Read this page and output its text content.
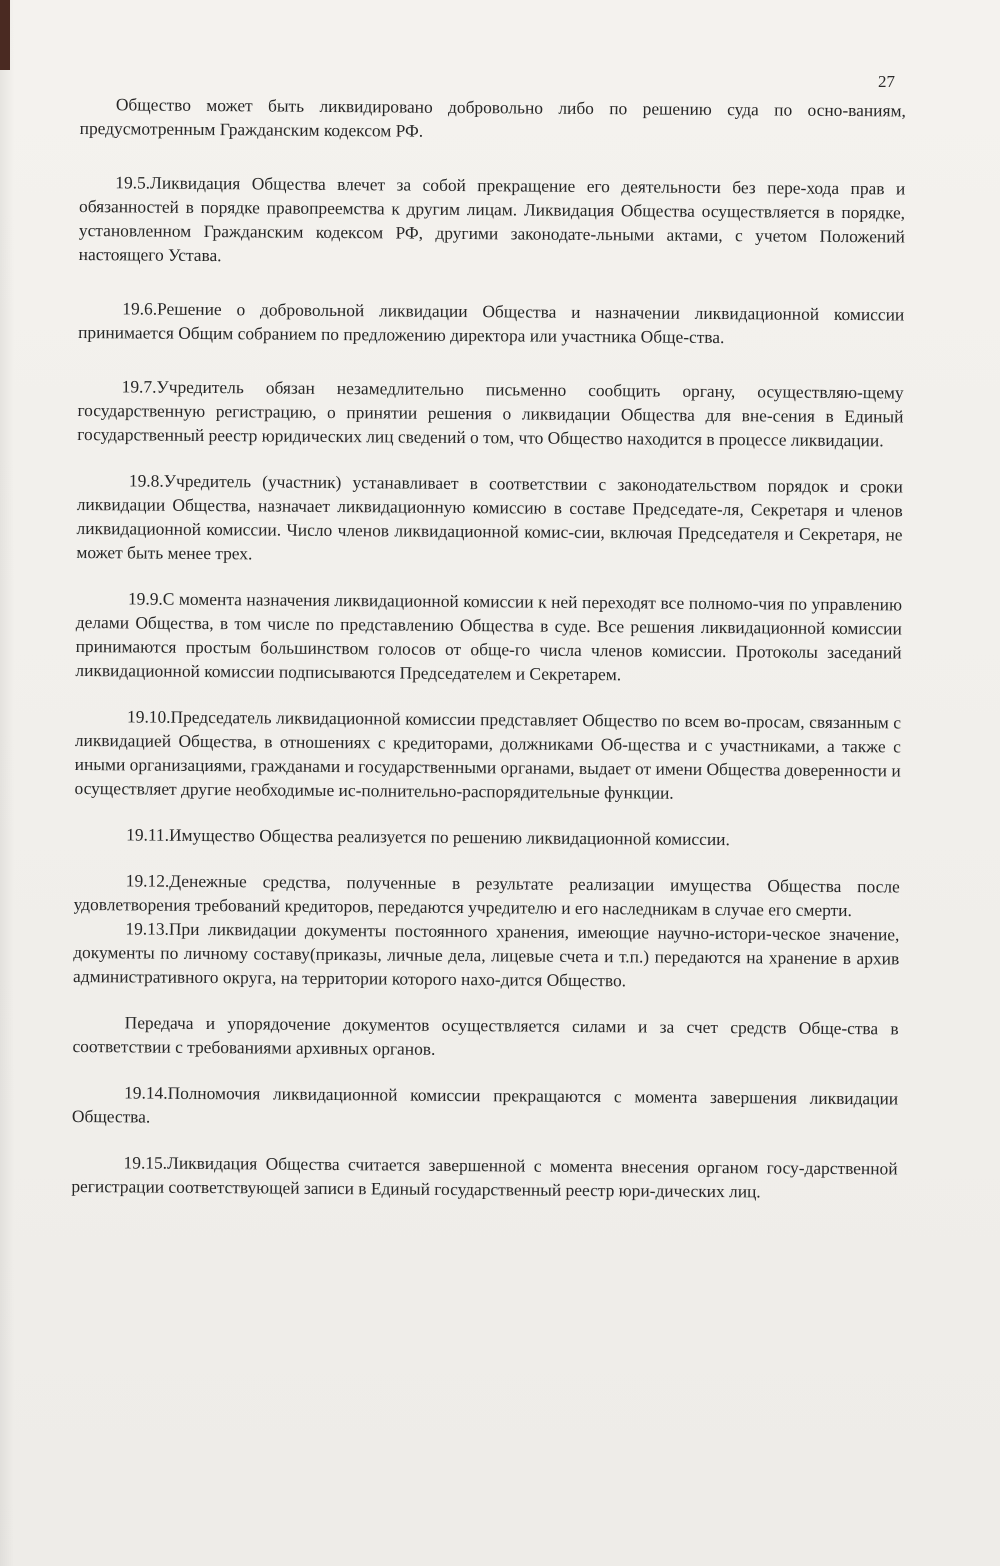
27

Общество может быть ликвидировано добровольно либо по решению суда по осно-ваниям, предусмотренным Гражданским кодексом РФ.

19.5.Ликвидация Общества влечет за собой прекращение его деятельности без пере-хода прав и обязанностей в порядке правопреемства к другим лицам. Ликвидация Общества осуществляется в порядке, установленном Гражданским кодексом РФ, другими законодате-льными актами, с учетом Положений настоящего Устава.

19.6.Решение о добровольной ликвидации Общества и назначении ликвидационной комиссии принимается Общим собранием по предложению директора или участника Обще-ства.

19.7.Учредитель обязан незамедлительно письменно сообщить органу, осуществляю-щему государственную регистрацию, о принятии решения о ликвидации Общества для вне-сения в Единый государственный реестр юридических лиц сведений о том, что Общество находится в процессе ликвидации.

19.8.Учредитель (участник) устанавливает в соответствии с законодательством порядок и сроки ликвидации Общества, назначает ликвидационную комиссию в составе Председате-ля, Секретаря и членов ликвидационной комиссии. Число членов ликвидационной комис-сии, включая Председателя и Секретаря, не может быть менее трех.

19.9.С момента назначения ликвидационной комиссии к ней переходят все полномо-чия по управлению делами Общества, в том числе по представлению Общества в суде. Все решения ликвидационной комиссии принимаются простым большинством голосов от обще-го числа членов комиссии. Протоколы заседаний ликвидационной комиссии подписываются Председателем и Секретарем.

19.10.Председатель ликвидационной комиссии представляет Общество по всем во-просам, связанным с ликвидацией Общества, в отношениях с кредиторами, должниками Об-щества и с участниками, а также с иными организациями, гражданами и государственными органами, выдает от имени Общества доверенности и осуществляет другие необходимые ис-полнительно-распорядительные функции.

19.11.Имущество Общества реализуется по решению ликвидационной комиссии.

19.12.Денежные средства, полученные в результате реализации имущества Общества после удовлетворения требований кредиторов, передаются учредителю и его наследникам в случае его смерти.

19.13.При ликвидации документы постоянного хранения, имеющие научно-истори-ческое значение, документы по личному составу(приказы, личные дела, лицевые счета и т.п.) передаются на хранение в архив административного округа, на территории которого нахо-дится Общество.

Передача и упорядочение документов осуществляется силами и за счет средств Обще-ства в соответствии с требованиями архивных органов.

19.14.Полномочия ликвидационной комиссии прекращаются с момента завершения ликвидации Общества.

19.15.Ликвидация Общества считается завершенной с момента внесения органом госу-дарственной регистрации соответствующей записи в Единый государственный реестр юри-дических лиц.
